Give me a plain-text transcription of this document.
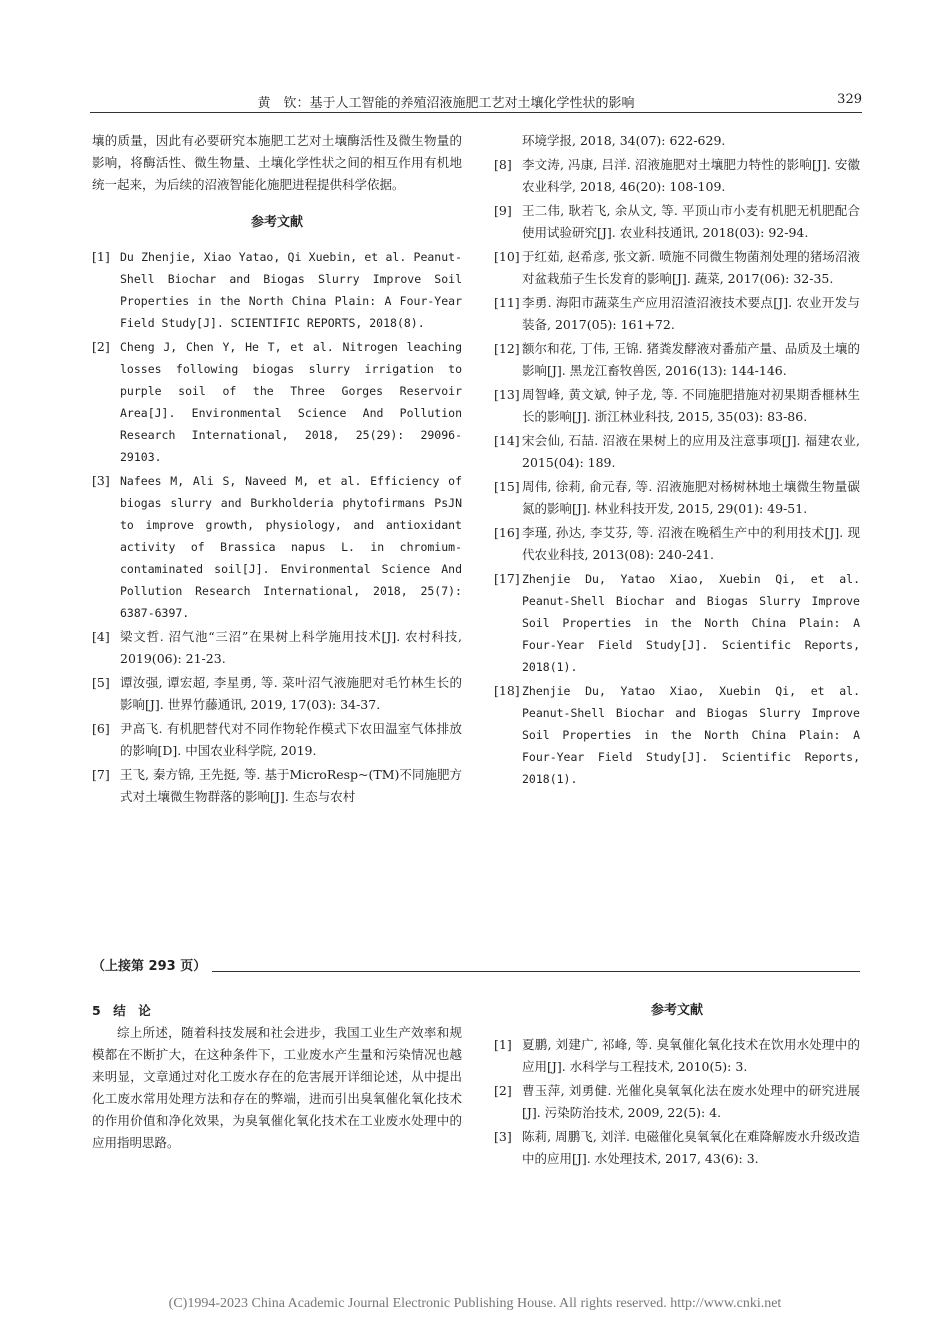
黄　钦：基于人工智能的养殖沼液施肥工艺对土壤化学性状的影响	329
壤的质量，因此有必要研究本施肥工艺对土壤酶活性及微生物量的影响，将酶活性、微生物量、土壤化学性状之间的相互作用有机地统一起来，为后续的沼液智能化施肥进程提供科学依据。
参考文献
[1] Du Zhenjie, Xiao Yatao, Qi Xuebin, et al. Peanut-Shell Biochar and Biogas Slurry Improve Soil Properties in the North China Plain: A Four-Year Field Study[J]. SCIENTIFIC REPORTS, 2018(8).
[2] Cheng J, Chen Y, He T, et al. Nitrogen leaching losses following biogas slurry irrigation to purple soil of the Three Gorges Reservoir Area[J]. Environmental Science And Pollution Research International, 2018, 25(29): 29096-29103.
[3] Nafees M, Ali S, Naveed M, et al. Efficiency of biogas slurry and Burkholderia phytofirmans PsJN to improve growth, physiology, and antioxidant activity of Brassica napus L. in chromium-contaminated soil[J]. Environmental Science And Pollution Research International, 2018, 25(7): 6387-6397.
[4] 梁文哲. 沼气池“三沼”在果树上科学施用技术[J]. 农村科技, 2019(06): 21-23.
[5] 谭汝强, 谭宏超, 李星勇, 等. 菜叶沼气液施肥对毛竹林生长的影响[J]. 世界竹藤通讯, 2019, 17(03): 34-37.
[6] 尹高飞. 有机肥替代对不同作物轮作模式下农田温室气体排放的影响[D]. 中国农业科学院, 2019.
[7] 王飞, 秦方锦, 王先挺, 等. 基于MicroResp~(TM)不同施肥方式对土壤微生物群落的影响[J]. 生态与农村
环境学报, 2018, 34(07): 622-629.
[8] 李文涛, 冯康, 吕洋. 沼液施肥对土壤肥力特性的影响[J]. 安徽农业科学, 2018, 46(20): 108-109.
[9] 王二伟, 耿若飞, 余从文, 等. 平顶山市小麦有机肥无机肥配合使用试验研究[J]. 农业科技通讯, 2018(03): 92-94.
[10] 于红茹, 赵希彦, 张文新. 喷施不同微生物菌剂处理的猪场沼液对盆栽茄子生长发育的影响[J]. 蔬菜, 2017(06): 32-35.
[11] 李勇. 海阳市蔬菜生产应用沼渣沼液技术要点[J]. 农业开发与装备, 2017(05): 161+72.
[12] 额尔和花, 丁伟, 王锦. 猪粪发酵液对番茄产量、品质及土壤的影响[J]. 黑龙江畜牧兽医, 2016(13): 144-146.
[13] 周智峰, 黄文斌, 钟子龙, 等. 不同施肥措施对初果期香榧林生长的影响[J]. 浙江林业科技, 2015, 35(03): 83-86.
[14] 宋会仙, 石喆. 沼液在果树上的应用及注意事项[J]. 福建农业, 2015(04): 189.
[15] 周伟, 徐莉, 俞元春, 等. 沼液施肥对杨树林地土壤微生物量碳氮的影响[J]. 林业科技开发, 2015, 29(01): 49-51.
[16] 李瑾, 孙达, 李艾芬, 等. 沼液在晚稻生产中的利用技术[J]. 现代农业科技, 2013(08): 240-241.
[17] Zhenjie Du, Yatao Xiao, Xuebin Qi, et al. Peanut-Shell Biochar and Biogas Slurry Improve Soil Properties in the North China Plain: A Four-Year Field Study[J]. Scientific Reports, 2018(1).
[18] Zhenjie Du, Yatao Xiao, Xuebin Qi, et al. Peanut-Shell Biochar and Biogas Slurry Improve Soil Properties in the North China Plain: A Four-Year Field Study[J]. Scientific Reports, 2018(1).
（上接第 293 页）
5　结　论
综上所述，随着科技发展和社会进步，我国工业生产效率和规模都在不断扩大，在这种条件下，工业废水产生量和污染情况也越来明显，文章通过对化工废水存在的危害展开详细论述，从中提出化工废水常用处理方法和存在的弊端，进而引出臭氧催化氧化技术的作用价值和净化效果，为臭氧催化氧化技术在工业废水处理中的应用指明思路。
参考文献
[1] 夏鹏, 刘建广, 祁峰, 等. 臭氧催化氧化技术在饮用水处理中的应用[J]. 水科学与工程技术, 2010(5): 3.
[2] 曹玉萍, 刘勇健. 光催化臭氧氧化法在废水处理中的研究进展[J]. 污染防治技术, 2009, 22(5): 4.
[3] 陈莉, 周鹏飞, 刘洋. 电磁催化臭氧氧化在难降解废水升级改造中的应用[J]. 水处理技术, 2017, 43(6): 3.
(C)1994-2023 China Academic Journal Electronic Publishing House. All rights reserved. http://www.cnki.net
